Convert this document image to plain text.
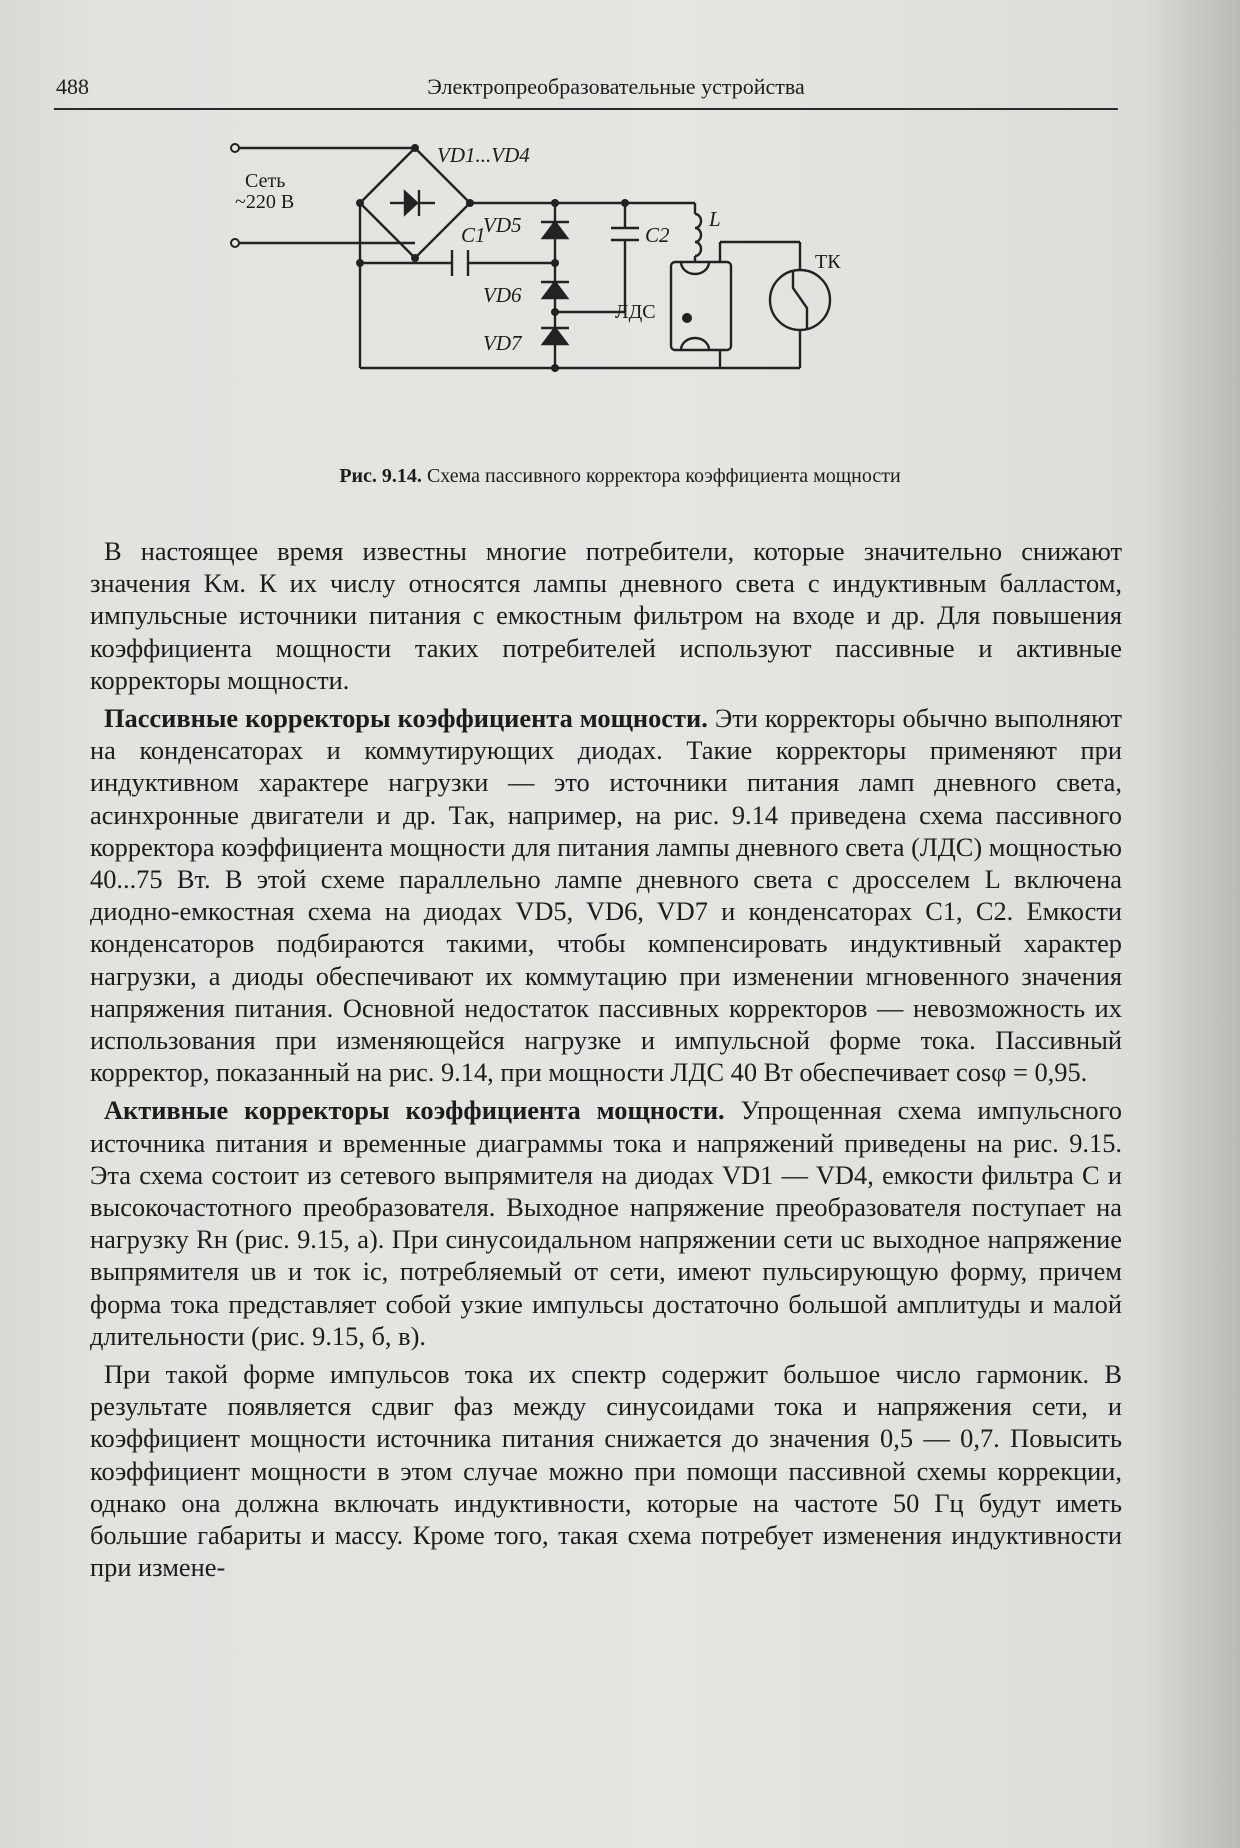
488	Электропреобразовательные устройства
VD1...VD4
C1	C2
VD5
VD6
VD7
L
Сеть
~220 В
ЛДС
ТК
Рис. 9.14. Схема пассивного корректора коэффициента мощности

В настоящее время известны многие потребители, которые значительно снижают значения Kм. К их числу относятся лампы дневного света с индуктивным балластом, импульсные источники питания с емкостным фильтром на входе и др. Для повышения коэффициента мощности таких потребителей используют пассивные и активные корректоры мощности.

Пассивные корректоры коэффициента мощности. Эти корректоры обычно выполняют на конденсаторах и коммутирующих диодах. Такие корректоры применяют при индуктивном характере нагрузки — это источники питания ламп дневного света, асинхронные двигатели и др. Так, например, на рис. 9.14 приведена схема пассивного корректора коэффициента мощности для питания лампы дневного света (ЛДС) мощностью 40...75 Вт. В этой схеме параллельно лампе дневного света с дросселем L включена диодно-емкостная схема на диодах VD5, VD6, VD7 и конденсаторах C1, C2. Емкости конденсаторов подбираются такими, чтобы компенсировать индуктивный характер нагрузки, а диоды обеспечивают их коммутацию при изменении мгновенного значения напряжения питания. Основной недостаток пассивных корректоров — невозможность их использования при изменяющейся нагрузке и импульсной форме тока. Пассивный корректор, показанный на рис. 9.14, при мощности ЛДС 40 Вт обеспечивает cosφ = 0,95.

Активные корректоры коэффициента мощности. Упрощенная схема импульсного источника питания и временные диаграммы тока и напряжений приведены на рис. 9.15. Эта схема состоит из сетевого выпрямителя на диодах VD1 — VD4, емкости фильтра C и высокочастотного преобразователя. Выходное напряжение преобразователя поступает на нагрузку Rн (рис. 9.15, а). При синусоидальном напряжении сети uс выходное напряжение выпрямителя uв и ток iс, потребляемый от сети, имеют пульсирующую форму, причем форма тока представляет собой узкие импульсы достаточно большой амплитуды и малой длительности (рис. 9.15, б, в).

При такой форме импульсов тока их спектр содержит большое число гармоник. В результате появляется сдвиг фаз между синусоидами тока и напряжения сети, и коэффициент мощности источника питания снижается до значения 0,5 — 0,7. Повысить коэффициент мощности в этом случае можно при помощи пассивной схемы коррекции, однако она должна включать индуктивности, которые на частоте 50 Гц будут иметь большие габариты и массу. Кроме того, такая схема потребует изменения индуктивности при измене-
